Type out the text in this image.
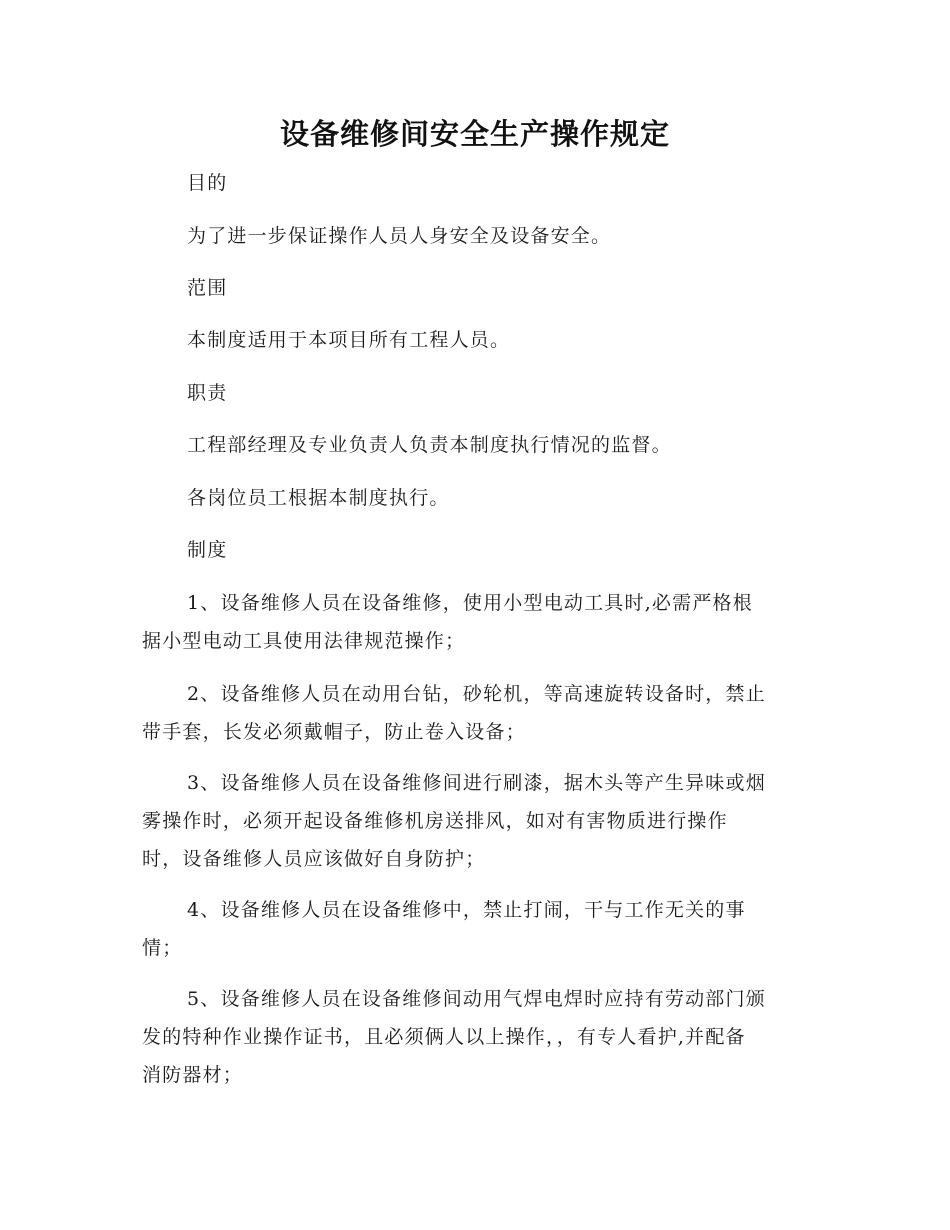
设备维修间安全生产操作规定

目的

为了进一步保证操作人员人身安全及设备安全。

范围

本制度适用于本项目所有工程人员。

职责

工程部经理及专业负责人负责本制度执行情况的监督。

各岗位员工根据本制度执行。

制度

1、设备维修人员在设备维修，使用小型电动工具时,必需严格根

据小型电动工具使用法律规范操作；

2、设备维修人员在动用台钻，砂轮机，等高速旋转设备时，禁止

带手套，长发必须戴帽子，防止卷入设备；

3、设备维修人员在设备维修间进行刷漆，据木头等产生异味或烟

雾操作时，必须开起设备维修机房送排风，如对有害物质进行操作

时，设备维修人员应该做好自身防护；

4、设备维修人员在设备维修中，禁止打闹，干与工作无关的事

情；

5、设备维修人员在设备维修间动用气焊电焊时应持有劳动部门颁

发的特种作业操作证书，且必须俩人以上操作，，有专人看护,并配备

消防器材；
